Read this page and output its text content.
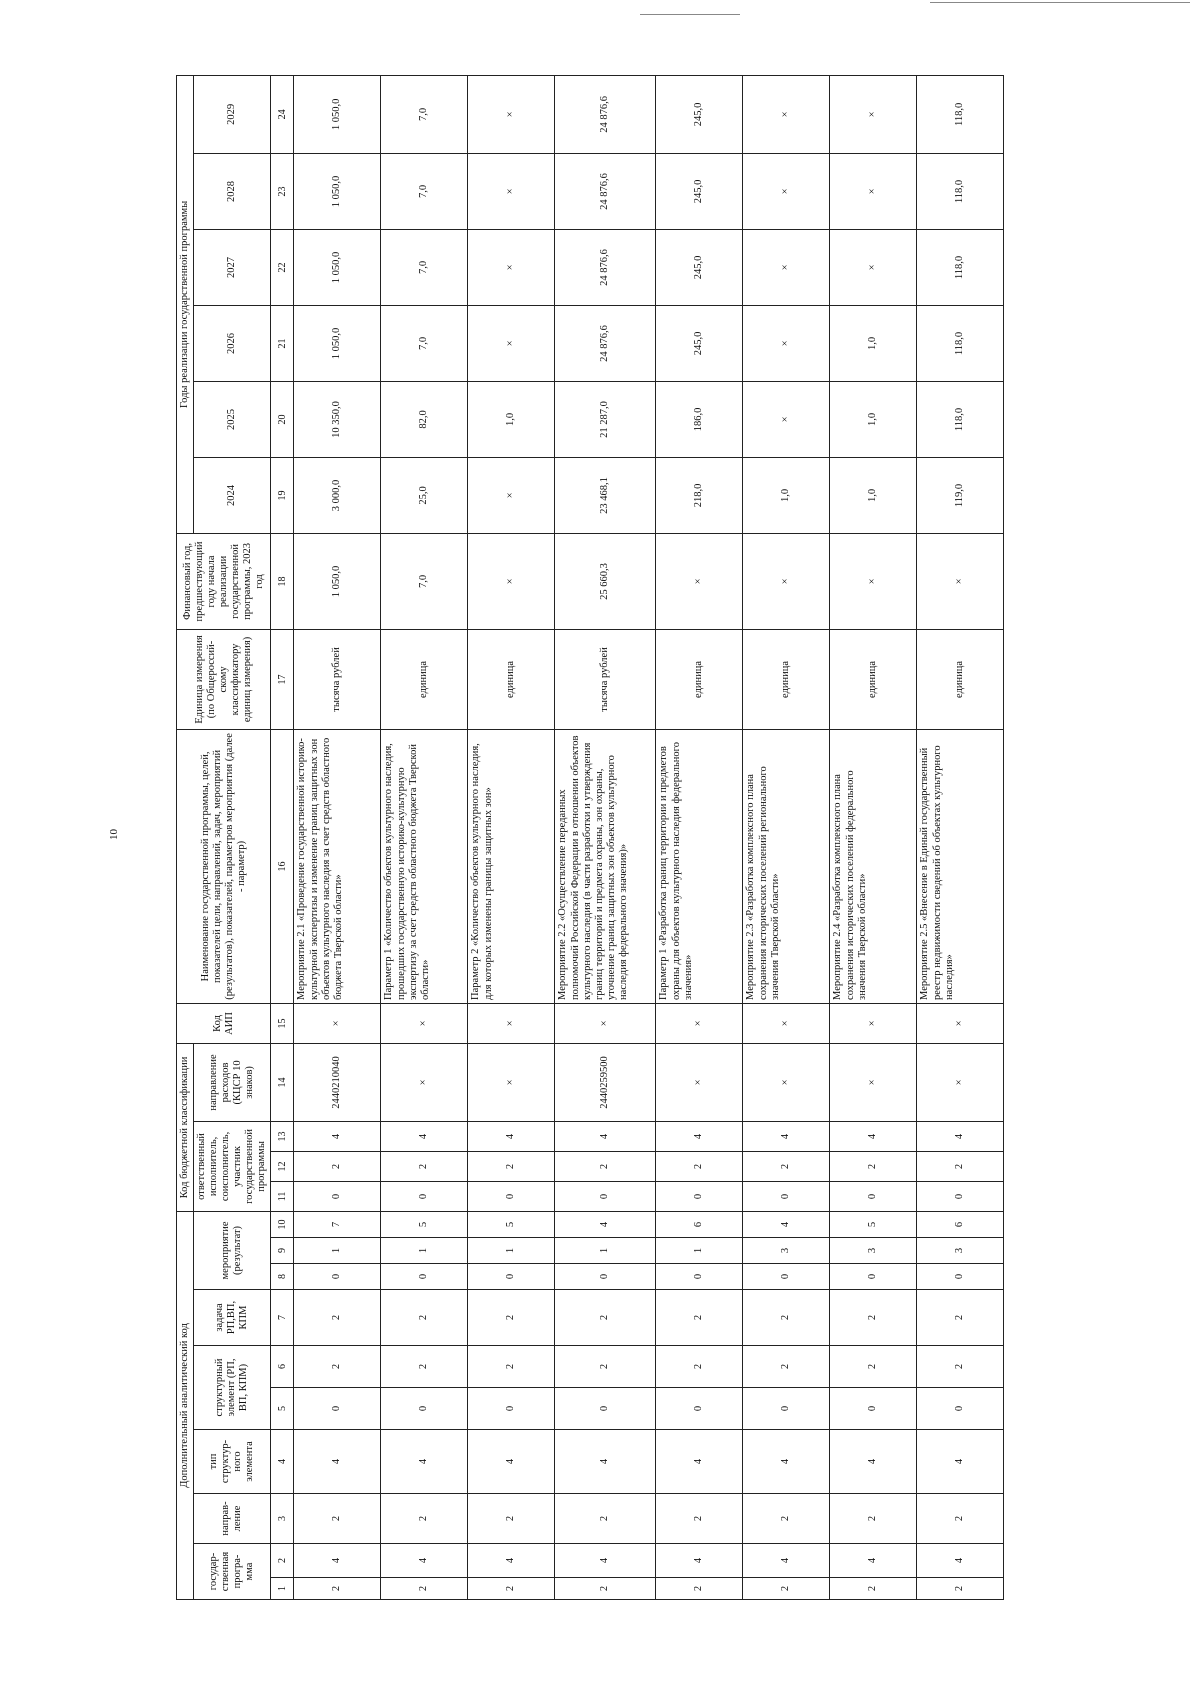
10
Дополнительный аналитический код										Код бюджетной классификации				Код АИП	Наименование государственной программы, целей, показателей цели, направлений, задач, мероприятий (результатов), показателей, параметров мероприятия (далее - параметр)	Единица измерения (по Общероссий-скому классификатору единиц измерения)	Финансовый год, предшествующий году начала реализации государственной программы, 2023 год	Годы реализации государственной программы					
государ-ственная програ-мма		направ-ление	тип структур-ного элемента	структурный элемент (РП, ВП, КПМ)		задача РП,ВП, КПМ	мероприятие (результат)			ответственный исполнитель, соисполнитель, участник государственной программы			направление расходов (КЦСР 10 знаков)					2024	2025	2026	2027	2028	2029
1	2	3	4	5	6	7	8	9	10	11	12	13	14	15	16	17	18	19	20	21	22	23	24
2	4	2	4	0	2	2	0	1	7	0	2	4	2440210040	×	Мероприятие 2.1 «Проведение государственной историко-культурной экспертизы и изменение границ защитных зон объектов культурного наследия за счет средств областного бюджета Тверской области»	тысяча рублей	1 050,0	3 000,0	10 350,0	1 050,0	1 050,0	1 050,0	1 050,0
2	4	2	4	0	2	2	0	1	5	0	2	4	×	×	Параметр 1 «Количество объектов культурного наследия, прошедших государственную историко-культурную экспертизу за счет средств областного бюджета Тверской области»	единица	7,0	25,0	82,0	7,0	7,0	7,0	7,0
2	4	2	4	0	2	2	0	1	5	0	2	4	×	×	Параметр 2 «Количество объектов культурного наследия, для которых изменены границы защитных зон»	единица	×	×	1,0	×	×	×	×
2	4	2	4	0	2	2	0	1	4	0	2	4	2440259500	×	Мероприятие 2.2 «Осуществление переданных полномочий Российской Федерации в отношении объектов культурного наследия (в части разработки и утверждения границ территорий и предмета охраны, зон охраны, уточнение границ защитных зон объектов культурного наследия федерального значения)»	тысяча рублей	25 660,3	23 468,1	21 287,0	24 876,6	24 876,6	24 876,6	24 876,6
2	4	2	4	0	2	2	0	1	6	0	2	4	×	×	Параметр 1 «Разработка границ территории и предметов охраны для объектов культурного наследия федерального значения»	единица	×	218,0	186,0	245,0	245,0	245,0	245,0
2	4	2	4	0	2	2	0	3	4	0	2	4	×	×	Мероприятие 2.3 «Разработка комплексного плана сохранения исторических поселений регионального значения Тверской области»	единица	×	1,0	×	×	×	×	×
2	4	2	4	0	2	2	0	3	5	0	2	4	×	×	Мероприятие 2.4 «Разработка комплексного плана сохранения исторических поселений федерального значения Тверской области»	единица	×	1,0	1,0	1,0	×	×	×
2	4	2	4	0	2	2	0	3	6	0	2	4	×	×	Мероприятие 2.5 «Внесение в Единый государственный реестр недвижимости сведений об объектах культурного наследия»	единица	×	119,0	118,0	118,0	118,0	118,0	118,0
